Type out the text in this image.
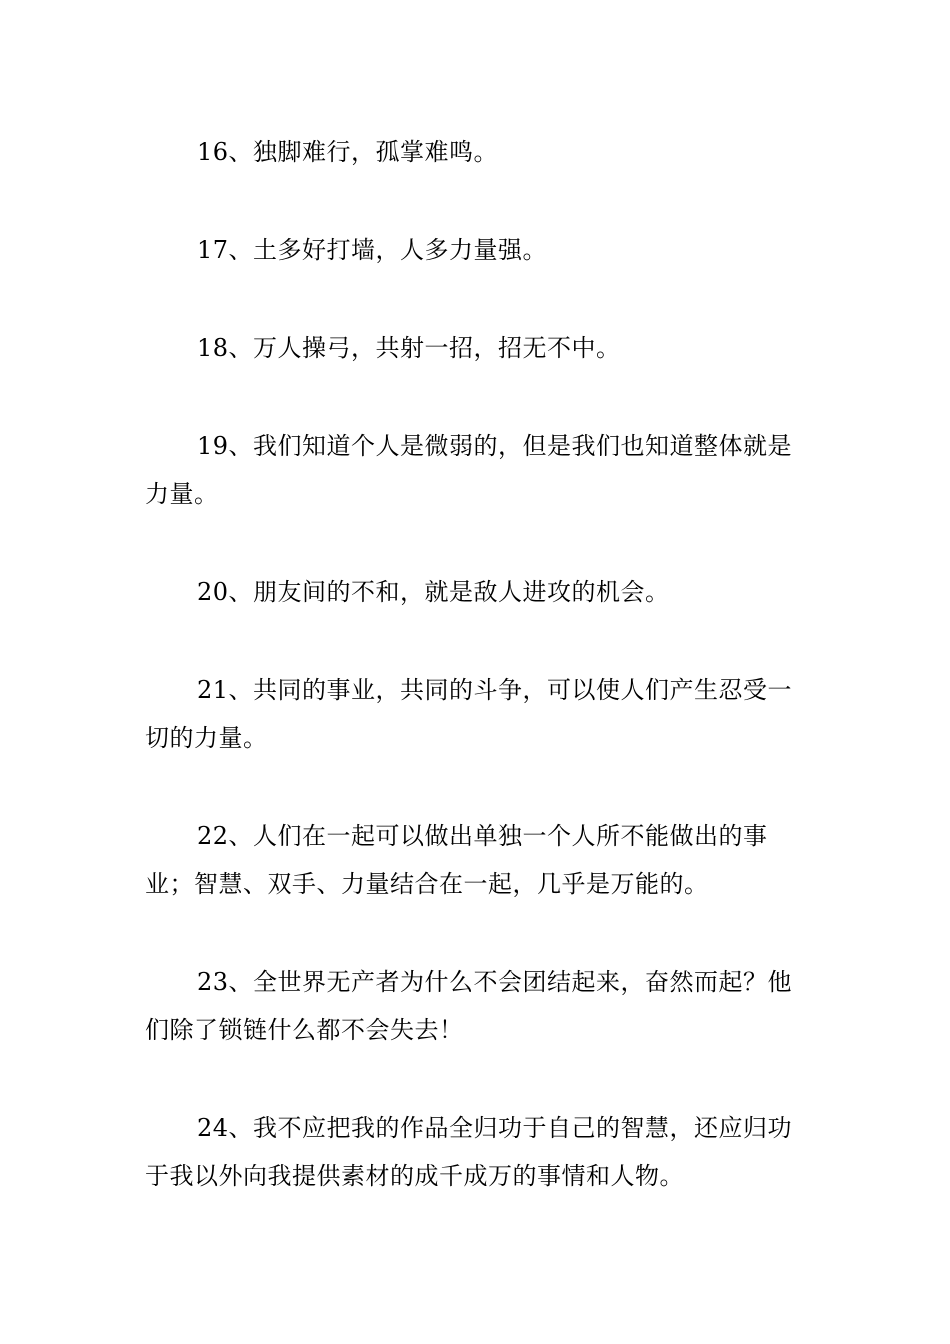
16、独脚难行，孤掌难鸣。

17、土多好打墙，人多力量强。

18、万人操弓，共射一招，招无不中。

19、我们知道个人是微弱的，但是我们也知道整体就是力量。

20、朋友间的不和，就是敌人进攻的机会。

21、共同的事业，共同的斗争，可以使人们产生忍受一切的力量。

22、人们在一起可以做出单独一个人所不能做出的事业；智慧、双手、力量结合在一起，几乎是万能的。

23、全世界无产者为什么不会团结起来，奋然而起？他们除了锁链什么都不会失去！

24、我不应把我的作品全归功于自己的智慧，还应归功于我以外向我提供素材的成千成万的事情和人物。
